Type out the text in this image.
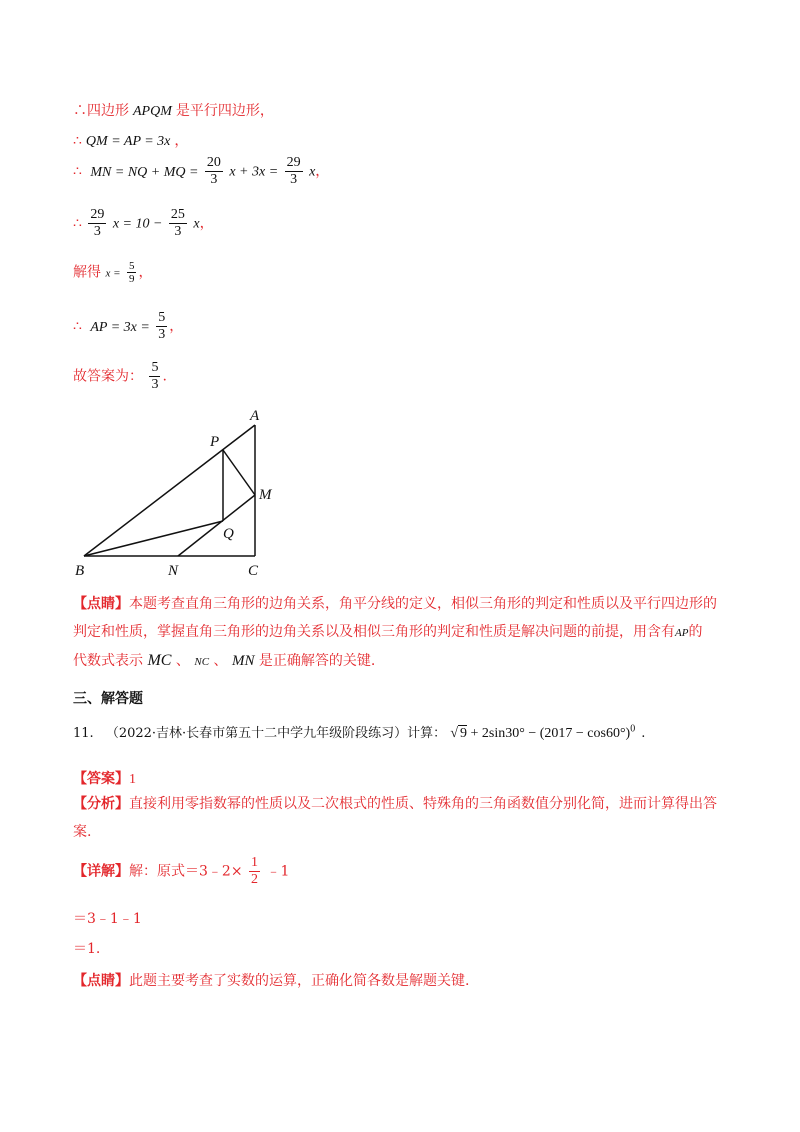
∴四边形 APQM 是平行四边形，
∴ QM = AP = 3x ，
∴ MN = NQ + MQ = $\frac{20}{3}$ $x + 3x = \frac{29}{3}$ x，
∴ $\frac{29}{3}$ $x = 10 - \frac{25}{3}$ x，
解得 $x = \frac{5}{9}$ ，
∴ AP = $3x = \frac{5}{3}$ ，
故答案为： $\frac{5}{3}$ .
A
P
M
Q
B	N	C
【点睛】本题考查直角三角形的边角关系，角平分线的定义，相似三角形的判定和性质以及平行四边形的
判定和性质，掌握直角三角形的边角关系以及相似三角形的判定和性质是解决问题的前提，用含有AP的
代数式表示 MC 、 NC 、 MN 是正确解答的关键.
三、解答题
11. （2022·吉林·长春市第五十二中学九年级阶段练习）计算： √ $9 + 2\sin 30^\circ - (2017 - \cos 60^\circ)^0$ .
【答案】1
【分析】直接利用零指数幂的性质以及二次根式的性质、特殊角的三角函数值分别化简，进而计算得出答
案.
【详解】解：原式＝3﹣2× $\frac{1}{2}$ ﹣1
＝3﹣1﹣1
＝1.
【点睛】此题主要考查了实数的运算，正确化简各数是解题关键.
